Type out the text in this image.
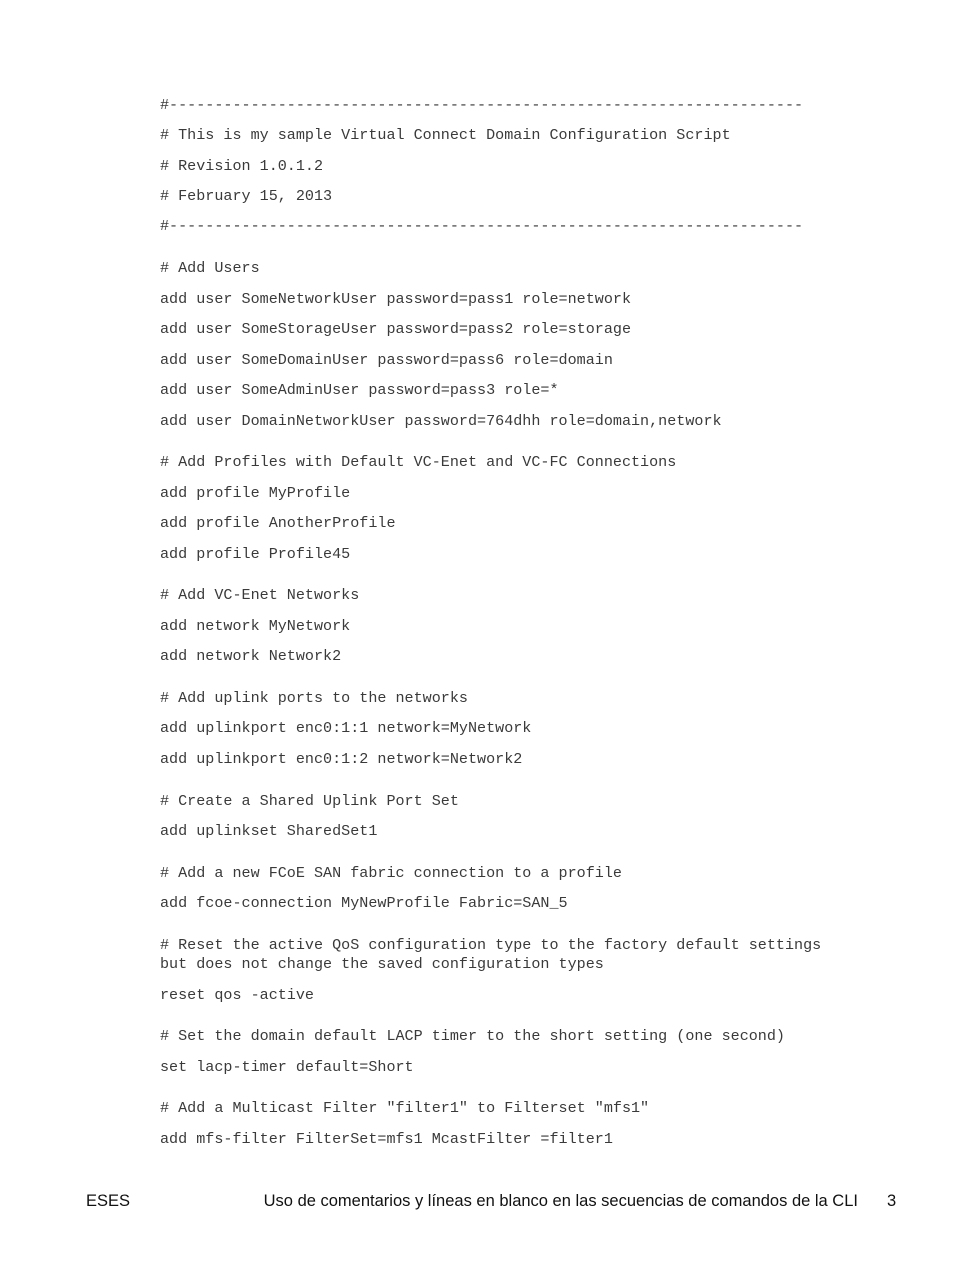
#----------------------------------------------------------------------
# This is my sample Virtual Connect Domain Configuration Script
# Revision 1.0.1.2
# February 15, 2013
#----------------------------------------------------------------------
# Add Users
add user SomeNetworkUser password=pass1 role=network
add user SomeStorageUser password=pass2 role=storage
add user SomeDomainUser password=pass6 role=domain
add user SomeAdminUser password=pass3 role=*
add user DomainNetworkUser password=764dhh role=domain,network
# Add Profiles with Default VC-Enet and VC-FC Connections
add profile MyProfile
add profile AnotherProfile
add profile Profile45
# Add VC-Enet Networks
add network MyNetwork
add network Network2
# Add uplink ports to the networks
add uplinkport enc0:1:1 network=MyNetwork
add uplinkport enc0:1:2 network=Network2
# Create a Shared Uplink Port Set
add uplinkset SharedSet1
# Add a new FCoE SAN fabric connection to a profile
add fcoe-connection MyNewProfile Fabric=SAN_5
# Reset the active QoS configuration type to the factory default settings
but does not change the saved configuration types
reset qos -active
# Set the domain default LACP timer to the short setting (one second)
set lacp-timer default=Short
# Add a Multicast Filter "filter1" to Filterset "mfs1"
add mfs-filter FilterSet=mfs1 McastFilter =filter1
ESES	Uso de comentarios y líneas en blanco en las secuencias de comandos de la CLI 3
